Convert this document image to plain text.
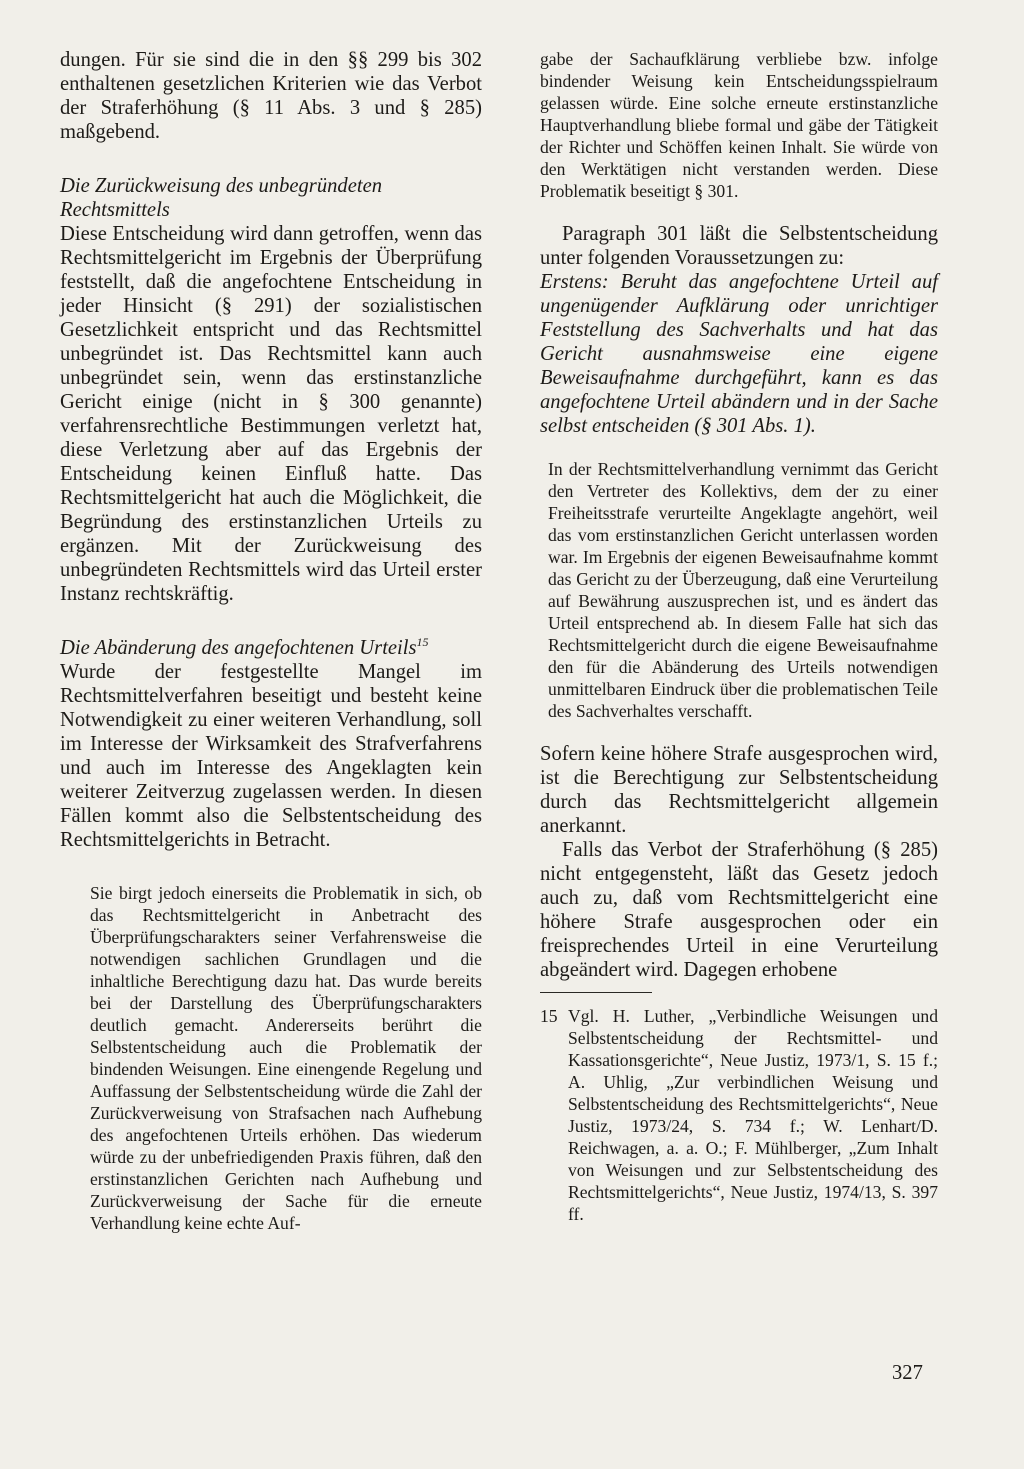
dungen. Für sie sind die in den §§ 299 bis 302 enthaltenen gesetzlichen Kriterien wie das Verbot der Straferhöhung (§ 11 Abs. 3 und § 285) maßgebend.

Die Zurückweisung des unbegründeten Rechtsmittels

Diese Entscheidung wird dann getroffen, wenn das Rechtsmittelgericht im Ergebnis der Überprüfung feststellt, daß die angefochtene Entscheidung in jeder Hinsicht (§ 291) der sozialistischen Gesetzlichkeit entspricht und das Rechtsmittel unbegründet ist. Das Rechtsmittel kann auch unbegründet sein, wenn das erstinstanzliche Gericht einige (nicht in § 300 genannte) verfahrensrechtliche Bestimmungen verletzt hat, diese Verletzung aber auf das Ergebnis der Entscheidung keinen Einfluß hatte. Das Rechtsmittelgericht hat auch die Möglichkeit, die Begründung des erstinstanzlichen Urteils zu ergänzen. Mit der Zurückweisung des unbegründeten Rechtsmittels wird das Urteil erster Instanz rechtskräftig.

Die Abänderung des angefochtenen Urteils$^{15}$

Wurde der festgestellte Mangel im Rechtsmittelverfahren beseitigt und besteht keine Notwendigkeit zu einer weiteren Verhandlung, soll im Interesse der Wirksamkeit des Strafverfahrens und auch im Interesse des Angeklagten kein weiterer Zeitverzug zugelassen werden. In diesen Fällen kommt also die Selbstentscheidung des Rechtsmittelgerichts in Betracht.

Sie birgt jedoch einerseits die Problematik in sich, ob das Rechtsmittelgericht in Anbetracht des Überprüfungscharakters seiner Verfahrensweise die notwendigen sachlichen Grundlagen und die inhaltliche Berechtigung dazu hat. Das wurde bereits bei der Darstellung des Überprüfungscharakters deutlich gemacht. Andererseits berührt die Selbstentscheidung auch die Problematik der bindenden Weisungen. Eine einengende Regelung und Auffassung der Selbstentscheidung würde die Zahl der Zurückverweisung von Strafsachen nach Aufhebung des angefochtenen Urteils erhöhen. Das wiederum würde zu der unbefriedigenden Praxis führen, daß den erstinstanzlichen Gerichten nach Aufhebung und Zurückverweisung der Sache für die erneute Verhandlung keine echte Auf-

gabe der Sachaufklärung verbliebe bzw. infolge bindender Weisung kein Entscheidungsspielraum gelassen würde. Eine solche erneute erstinstanzliche Hauptverhandlung bliebe formal und gäbe der Tätigkeit der Richter und Schöffen keinen Inhalt. Sie würde von den Werktätigen nicht verstanden werden. Diese Problematik beseitigt § 301.

Paragraph 301 läßt die Selbstentscheidung unter folgenden Voraussetzungen zu:

Erstens: Beruht das angefochtene Urteil auf ungenügender Aufklärung oder unrichtiger Feststellung des Sachverhalts und hat das Gericht ausnahmsweise eine eigene Beweisaufnahme durchgeführt, kann es das angefochtene Urteil abändern und in der Sache selbst entscheiden (§ 301 Abs. 1).

In der Rechtsmittelverhandlung vernimmt das Gericht den Vertreter des Kollektivs, dem der zu einer Freiheitsstrafe verurteilte Angeklagte angehört, weil das vom erstinstanzlichen Gericht unterlassen worden war. Im Ergebnis der eigenen Beweisaufnahme kommt das Gericht zu der Überzeugung, daß eine Verurteilung auf Bewährung auszusprechen ist, und es ändert das Urteil entsprechend ab. In diesem Falle hat sich das Rechtsmittelgericht durch die eigene Beweisaufnahme den für die Abänderung des Urteils notwendigen unmittelbaren Eindruck über die problematischen Teile des Sachverhaltes verschafft.

Sofern keine höhere Strafe ausgesprochen wird, ist die Berechtigung zur Selbstentscheidung durch das Rechtsmittelgericht allgemein anerkannt.

Falls das Verbot der Straferhöhung (§ 285) nicht entgegensteht, läßt das Gesetz jedoch auch zu, daß vom Rechtsmittelgericht eine höhere Strafe ausgesprochen oder ein freisprechendes Urteil in eine Verurteilung abgeändert wird. Dagegen erhobene

15 Vgl. H. Luther, „Verbindliche Weisungen und Selbstentscheidung der Rechtsmittel- und Kassationsgerichte“, Neue Justiz, 1973/1, S. 15 f.; A. Uhlig, „Zur verbindlichen Weisung und Selbstentscheidung des Rechtsmittelgerichts“, Neue Justiz, 1973/24, S. 734 f.; W. Lenhart/D. Reichwagen, a. a. O.; F. Mühlberger, „Zum Inhalt von Weisungen und zur Selbstentscheidung des Rechtsmittelgerichts“, Neue Justiz, 1974/13, S. 397 ff.
327
